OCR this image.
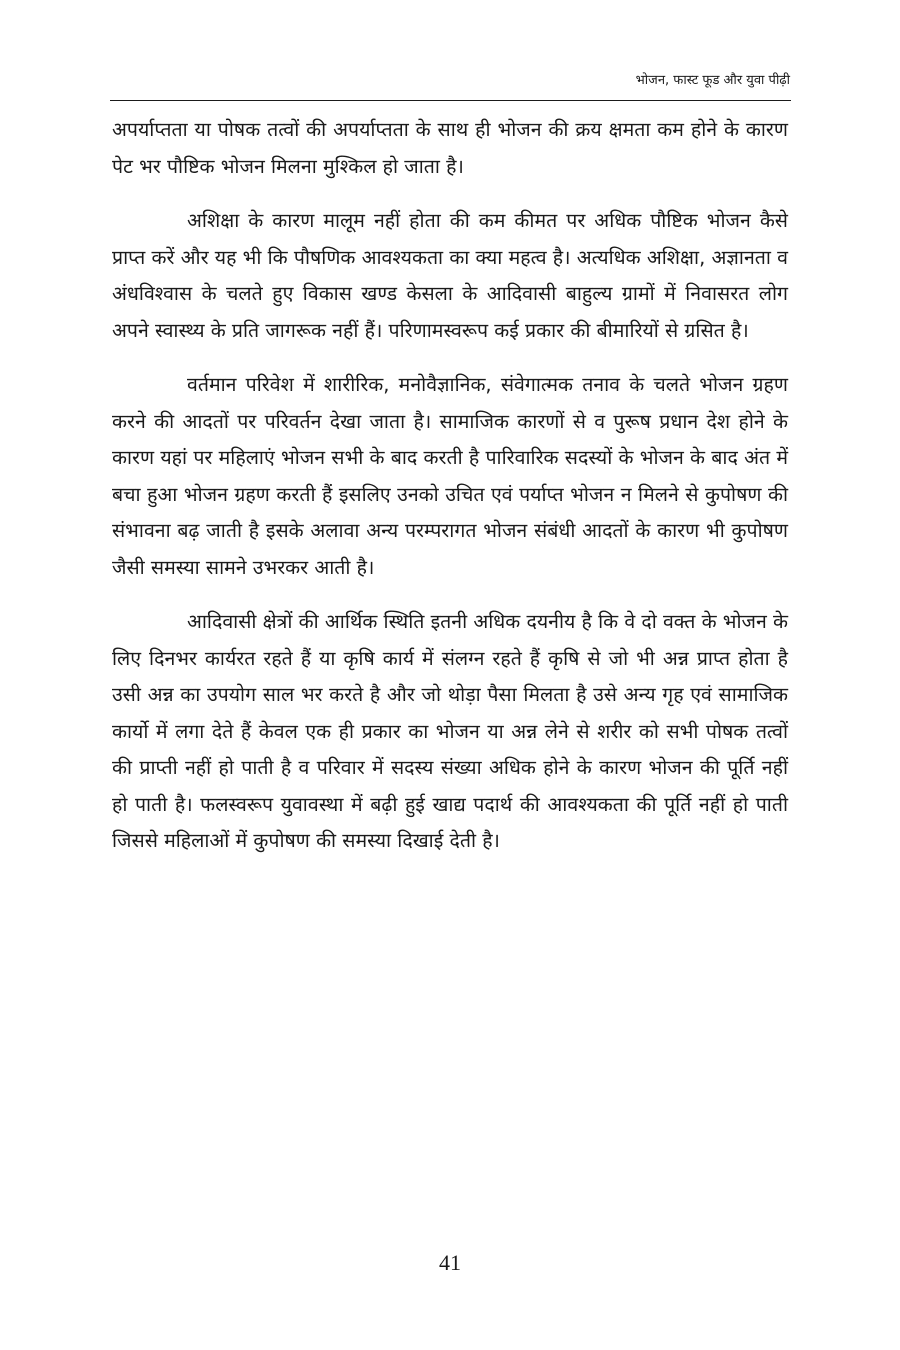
भोजन, फास्ट फूड और युवा पीढ़ी

अपर्याप्तता या पोषक तत्वों की अपर्याप्तता के साथ ही भोजन की क्रय क्षमता कम होने के कारण पेट भर पौष्टिक भोजन मिलना मुश्किल हो जाता है।

अशिक्षा के कारण मालूम नहीं होता की कम कीमत पर अधिक पौष्टिक भोजन कैसे प्राप्त करें और यह भी कि पौषणिक आवश्यकता का क्या महत्व है। अत्यधिक अशिक्षा, अज्ञानता व अंधविश्वास के चलते हुए विकास खण्ड केसला के आदिवासी बाहुल्य ग्रामों में निवासरत लोग अपने स्वास्थ्य के प्रति जागरूक नहीं हैं। परिणामस्वरूप कई प्रकार की बीमारियों से ग्रसित है।

वर्तमान परिवेश में शारीरिक, मनोवैज्ञानिक, संवेगात्मक तनाव के चलते भोजन ग्रहण करने की आदतों पर परिवर्तन देखा जाता है। सामाजिक कारणों से व पुरूष प्रधान देश होने के कारण यहां पर महिलाएं भोजन सभी के बाद करती है पारिवारिक सदस्यों के भोजन के बाद अंत में बचा हुआ भोजन ग्रहण करती हैं इसलिए उनको उचित एवं पर्याप्त भोजन न मिलने से कुपोषण की संभावना बढ़ जाती है इसके अलावा अन्य परम्परागत भोजन संबंधी आदतों के कारण भी कुपोषण जैसी समस्या सामने उभरकर आती है।

आदिवासी क्षेत्रों की आर्थिक स्थिति इतनी अधिक दयनीय है कि वे दो वक्त के भोजन के लिए दिनभर कार्यरत रहते हैं या कृषि कार्य में संलग्न रहते हैं कृषि से जो भी अन्न प्राप्त होता है उसी अन्न का उपयोग साल भर करते है और जो थोड़ा पैसा मिलता है उसे अन्य गृह एवं सामाजिक कार्यो में लगा देते हैं केवल एक ही प्रकार का भोजन या अन्न लेने से शरीर को सभी पोषक तत्वों की प्राप्ती नहीं हो पाती है व परिवार में सदस्य संख्या अधिक होने के कारण भोजन की पूर्ति नहीं हो पाती है। फलस्वरूप युवावस्था में बढ़ी हुई खाद्य पदार्थ की आवश्यकता की पूर्ति नहीं हो पाती जिससे महिलाओं में कुपोषण की समस्या दिखाई देती है।

41
